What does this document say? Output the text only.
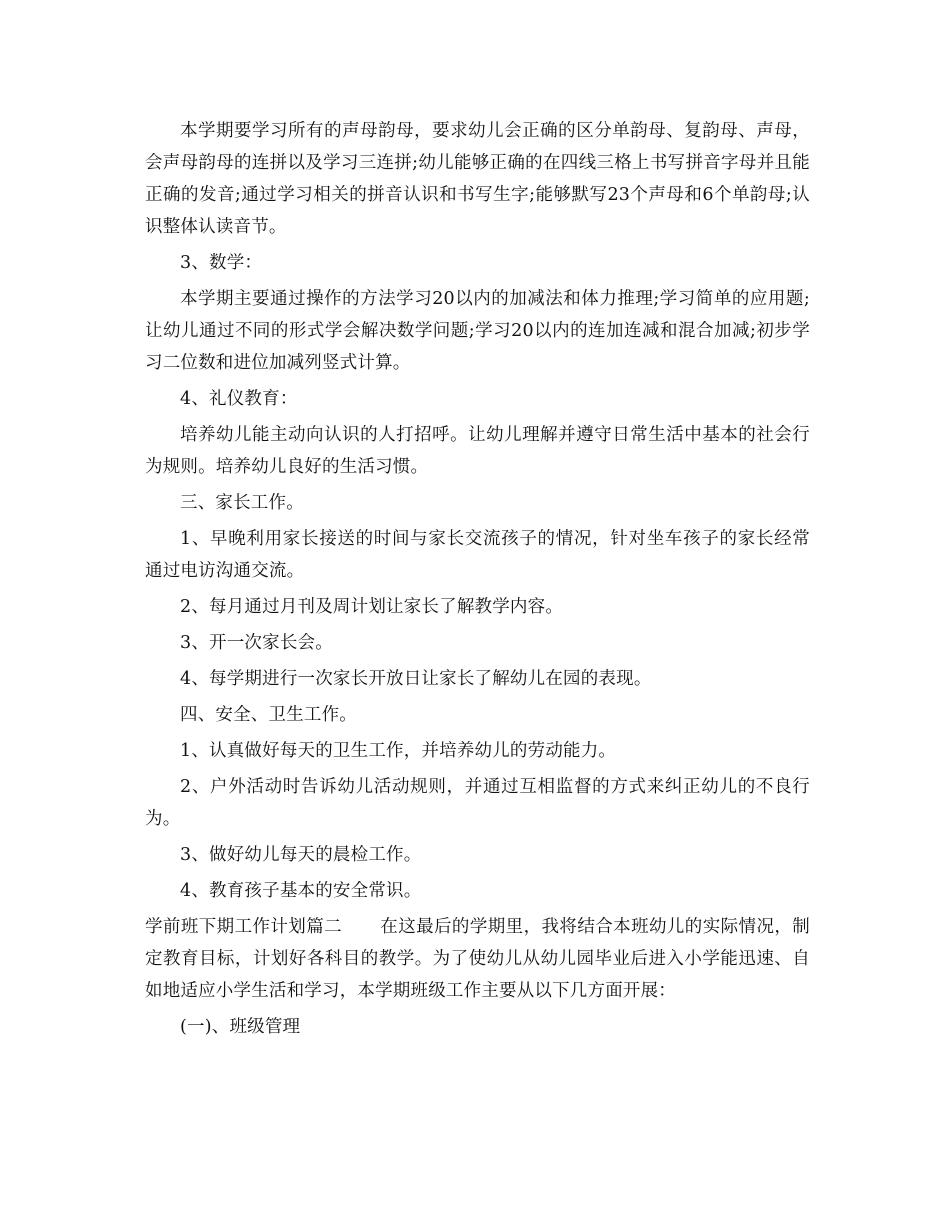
本学期要学习所有的声母韵母，要求幼儿会正确的区分单韵母、复韵母、声母，会声母韵母的连拼以及学习三连拼;幼儿能够正确的在四线三格上书写拼音字母并且能正确的发音;通过学习相关的拼音认识和书写生字;能够默写23个声母和6个单韵母;认识整体认读音节。

3、数学：

本学期主要通过操作的方法学习20以内的加减法和体力推理;学习简单的应用题;让幼儿通过不同的形式学会解决数学问题;学习20以内的连加连减和混合加减;初步学习二位数和进位加减列竖式计算。

4、礼仪教育：

培养幼儿能主动向认识的人打招呼。让幼儿理解并遵守日常生活中基本的社会行为规则。培养幼儿良好的生活习惯。

三、家长工作。

1、早晚利用家长接送的时间与家长交流孩子的情况，针对坐车孩子的家长经常通过电访沟通交流。

2、每月通过月刊及周计划让家长了解教学内容。

3、开一次家长会。

4、每学期进行一次家长开放日让家长了解幼儿在园的表现。

四、安全、卫生工作。

1、认真做好每天的卫生工作，并培养幼儿的劳动能力。

2、户外活动时告诉幼儿活动规则，并通过互相监督的方式来纠正幼儿的不良行为。

3、做好幼儿每天的晨检工作。

4、教育孩子基本的安全常识。

学前班下期工作计划篇二 在这最后的学期里，我将结合本班幼儿的实际情况，制定教育目标，计划好各科目的教学。为了使幼儿从幼儿园毕业后进入小学能迅速、自如地适应小学生活和学习，本学期班级工作主要从以下几方面开展：

(一)、班级管理
